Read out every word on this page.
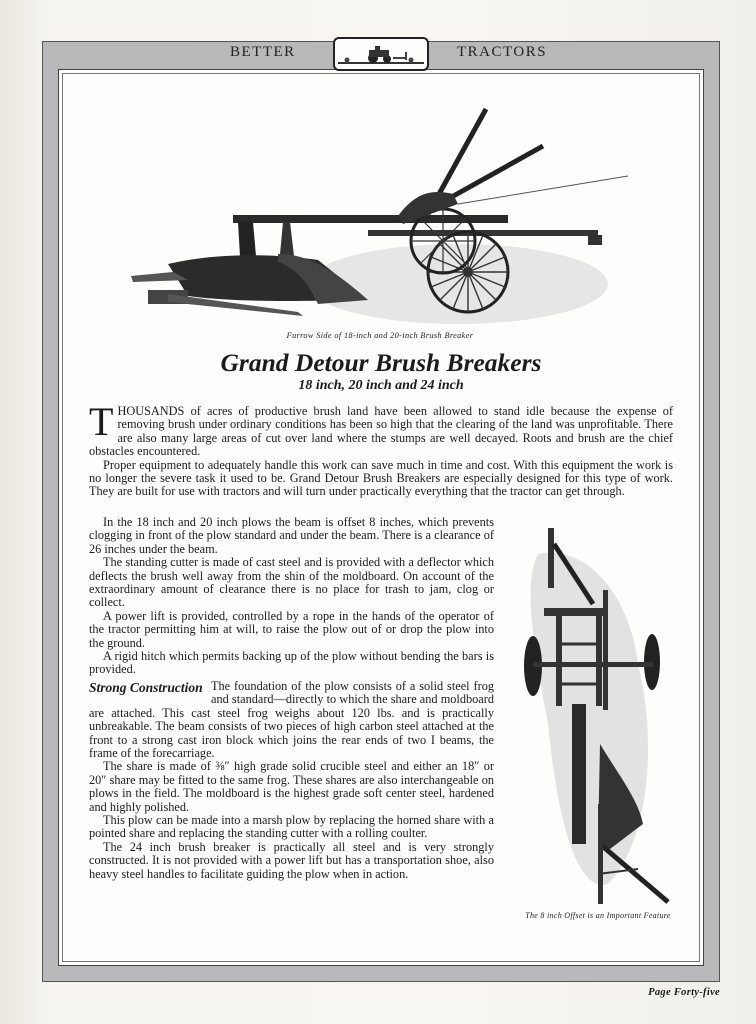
BETTER	TRACTORS
Furrow Side of 18-inch and 20-inch Brush Breaker
Grand Detour Brush Breakers
18 inch, 20 inch and 24 inch

THOUSANDS of acres of productive brush land have been allowed to stand idle because the expense of removing brush under ordinary conditions has been so high that the clearing of the land was unprofitable. There are also many large areas of cut over land where the stumps are well decayed. Roots and brush are the chief obstacles encountered.

Proper equipment to adequately handle this work can save much in time and cost. With this equipment the work is no longer the severe task it used to be. Grand Detour Brush Breakers are especially designed for this type of work. They are built for use with tractors and will turn under practically everything that the tractor can get through.

In the 18 inch and 20 inch plows the beam is offset 8 inches, which prevents clogging in front of the plow standard and under the beam. There is a clearance of 26 inches under the beam.

The standing cutter is made of cast steel and is provided with a deflector which deflects the brush well away from the shin of the moldboard. On account of the extraordinary amount of clearance there is no place for trash to jam, clog or collect.

A power lift is provided, controlled by a rope in the hands of the operator of the tractor permitting him at will, to raise the plow out of or drop the plow into the ground.

A rigid hitch which permits backing up of the plow without bending the bars is provided.

Strong Construction The foundation of the plow consists of a solid steel frog and standard—directly to which the share and moldboard are attached. This cast steel frog weighs about 120 lbs. and is practically unbreakable. The beam consists of two pieces of high carbon steel attached at the front to a strong cast iron block which joins the rear ends of two I beams, the frame of the forecarriage.

The share is made of ⅜″ high grade solid crucible steel and either an 18″ or 20″ share may be fitted to the same frog. These shares are also interchangeable on plows in the field. The moldboard is the highest grade soft center steel, hardened and highly polished.

This plow can be made into a marsh plow by replacing the horned share with a pointed share and replacing the standing cutter with a rolling coulter.

The 24 inch brush breaker is practically all steel and is very strongly constructed. It is not provided with a power lift but has a transportation shoe, also heavy steel handles to facilitate guiding the plow when in action.

The 8 inch Offset is an Important Feature
Page Forty-five
